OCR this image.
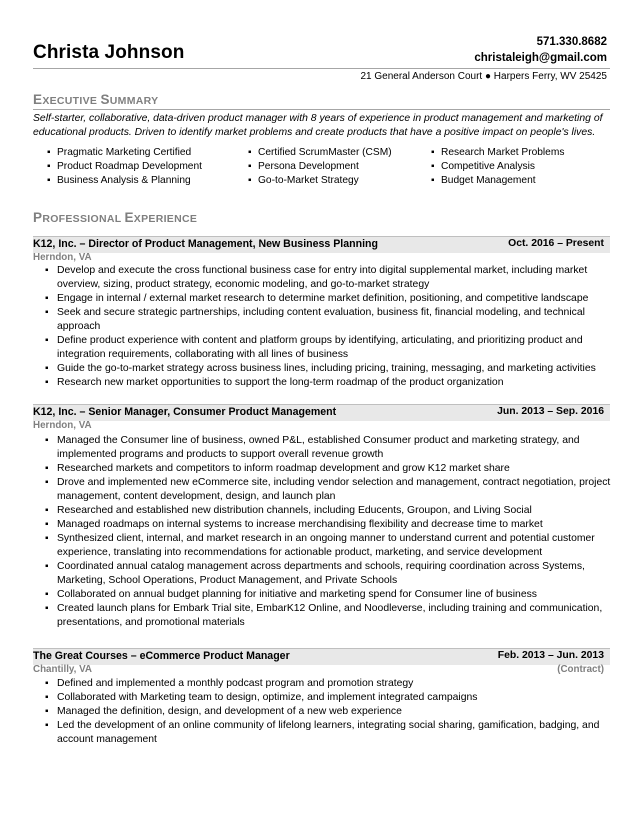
Christa Johnson	571.330.8682
christaleigh@gmail.com
21 General Anderson Court ● Harpers Ferry, WV 25425
EXECUTIVE SUMMARY
Self-starter, collaborative, data-driven product manager with 8 years of experience in product management and marketing of educational products. Driven to identify market problems and create products that have a positive impact on people's lives.
▪ Pragmatic Marketing Certified
▪ Product Roadmap Development
▪ Business Analysis & Planning
▪ Certified ScrumMaster (CSM)
▪ Persona Development
▪ Go-to-Market Strategy
▪ Research Market Problems
▪ Competitive Analysis
▪ Budget Management
PROFESSIONAL EXPERIENCE
K12, Inc. – Director of Product Management, New Business Planning	Oct. 2016 – Present
Herndon, VA
▪ Develop and execute the cross functional business case for entry into digital supplemental market, including market overview, sizing, product strategy, economic modeling, and go-to-market strategy
▪ Engage in internal / external market research to determine market definition, positioning, and competitive landscape
▪ Seek and secure strategic partnerships, including content evaluation, business fit, financial modeling, and technical approach
▪ Define product experience with content and platform groups by identifying, articulating, and prioritizing product and integration requirements, collaborating with all lines of business
▪ Guide the go-to-market strategy across business lines, including pricing, training, messaging, and marketing activities
▪ Research new market opportunities to support the long-term roadmap of the product organization
K12, Inc. – Senior Manager, Consumer Product Management	Jun. 2013 – Sep. 2016
Herndon, VA
▪ Managed the Consumer line of business, owned P&L, established Consumer product and marketing strategy, and implemented programs and products to support overall revenue growth
▪ Researched markets and competitors to inform roadmap development and grow K12 market share
▪ Drove and implemented new eCommerce site, including vendor selection and management, contract negotiation, project management, content development, design, and launch plan
▪ Researched and established new distribution channels, including Educents, Groupon, and Living Social
▪ Managed roadmaps on internal systems to increase merchandising flexibility and decrease time to market
▪ Synthesized client, internal, and market research in an ongoing manner to understand current and potential customer experience, translating into recommendations for actionable product, marketing, and service development
▪ Coordinated annual catalog management across departments and schools, requiring coordination across Systems, Marketing, School Operations, Product Management, and Private Schools
▪ Collaborated on annual budget planning for initiative and marketing spend for Consumer line of business
▪ Created launch plans for Embark Trial site, EmbarK12 Online, and Noodleverse, including training and communication, presentations, and promotional materials
The Great Courses – eCommerce Product Manager	Feb. 2013 – Jun. 2013
Chantilly, VA	(Contract)
▪ Defined and implemented a monthly podcast program and promotion strategy
▪ Collaborated with Marketing team to design, optimize, and implement integrated campaigns
▪ Managed the definition, design, and development of a new web experience
▪ Led the development of an online community of lifelong learners, integrating social sharing, gamification, badging, and account management
